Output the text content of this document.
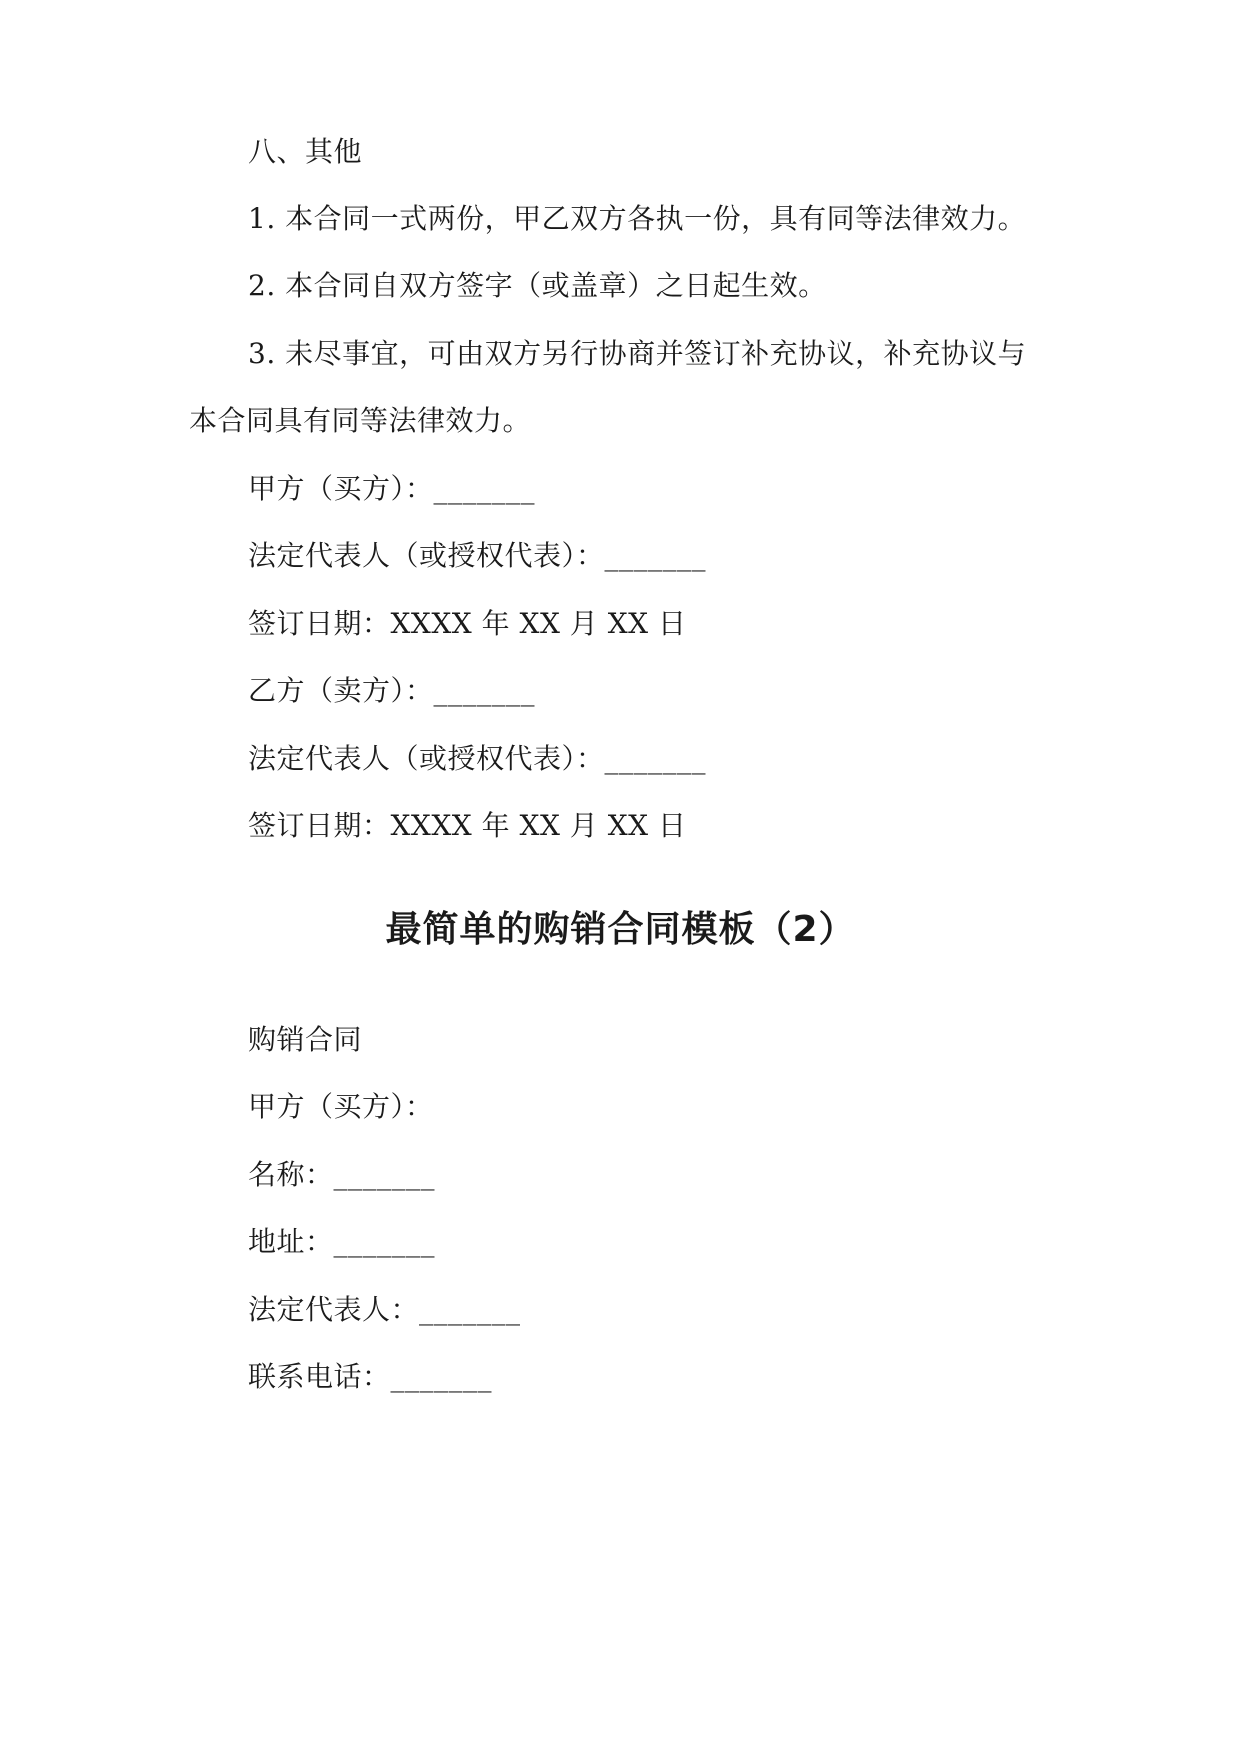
八、其他
1. 本合同一式两份，甲乙双方各执一份，具有同等法律效力。
2. 本合同自双方签字（或盖章）之日起生效。
3. 未尽事宜，可由双方另行协商并签订补充协议，补充协议与
本合同具有同等法律效力。
甲方（买方）：_______
法定代表人（或授权代表）：_______
签订日期：XXXX 年 XX 月 XX 日
乙方（卖方）：_______
法定代表人（或授权代表）：_______
签订日期：XXXX 年 XX 月 XX 日
最简单的购销合同模板（2）
购销合同
甲方（买方）：
名称：_______
地址：_______
法定代表人：_______
联系电话：_______
